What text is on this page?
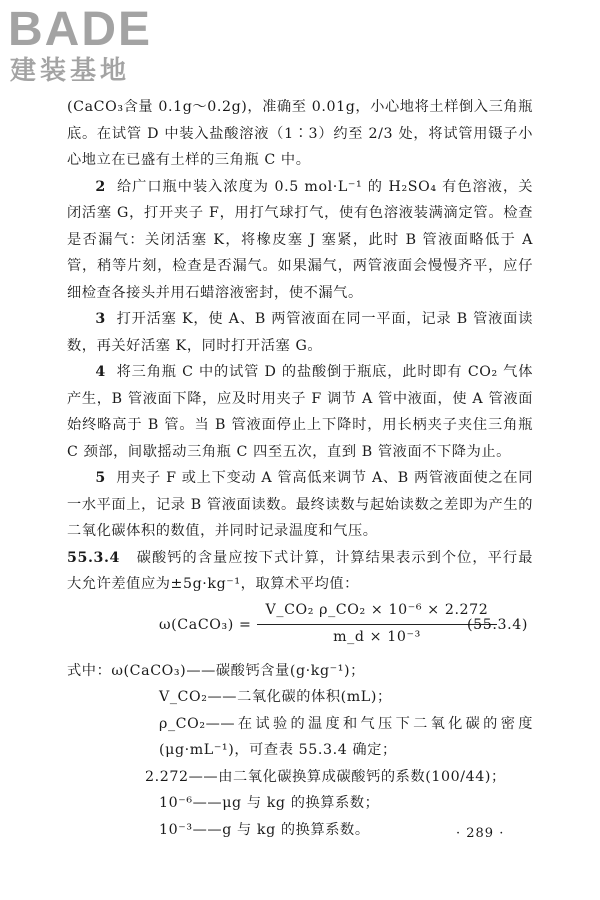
BADE
建装基地

(CaCO₃含量 0.1g～0.2g)，准确至 0.01g，小心地将土样倒入三角瓶底。在试管 D 中装入盐酸溶液（1∶3）约至 2/3 处，将试管用镊子小心地立在已盛有土样的三角瓶 C 中。

2 给广口瓶中装入浓度为 0.5 mol·L⁻¹ 的 H₂SO₄ 有色溶液，关闭活塞 G，打开夹子 F，用打气球打气，使有色溶液装满滴定管。检查是否漏气：关闭活塞 K，将橡皮塞 J 塞紧，此时 B 管液面略低于 A 管，稍等片刻，检查是否漏气。如果漏气，两管液面会慢慢齐平，应仔细检查各接头并用石蜡溶液密封，使不漏气。

3 打开活塞 K，使 A、B 两管液面在同一平面，记录 B 管液面读数，再关好活塞 K，同时打开活塞 G。

4 将三角瓶 C 中的试管 D 的盐酸倒于瓶底，此时即有 CO₂ 气体产生，B 管液面下降，应及时用夹子 F 调节 A 管中液面，使 A 管液面始终略高于 B 管。当 B 管液面停止上下降时，用长柄夹子夹住三角瓶 C 颈部，间歇摇动三角瓶 C 四至五次，直到 B 管液面不下降为止。

5 用夹子 F 或上下变动 A 管高低来调节 A、B 两管液面使之在同一水平面上，记录 B 管液面读数。最终读数与起始读数之差即为产生的二氧化碳体积的数值，并同时记录温度和气压。

55.3.4 碳酸钙的含量应按下式计算，计算结果表示到个位，平行最大允许差值应为±5g·kg⁻¹，取算术平均值：

ω(CaCO₃) = $\frac{\text{V\_CO₂ ρ\_CO₂ × 10⁻⁶ × 2.272}}{\text{m\_d × 10⁻³}}$
(55.3.4)

式中：ω(CaCO₃)——碳酸钙含量(g·kg⁻¹)；

V_CO₂——二氧化碳的体积(mL)；

ρ_CO₂——在试验的温度和气压下二氧化碳的密度(μg·mL⁻¹)，可查表 55.3.4 确定；

2.272——由二氧化碳换算成碳酸钙的系数(100/44)；

10⁻⁶——μg 与 kg 的换算系数；

10⁻³——g 与 kg 的换算系数。	· 289 ·
